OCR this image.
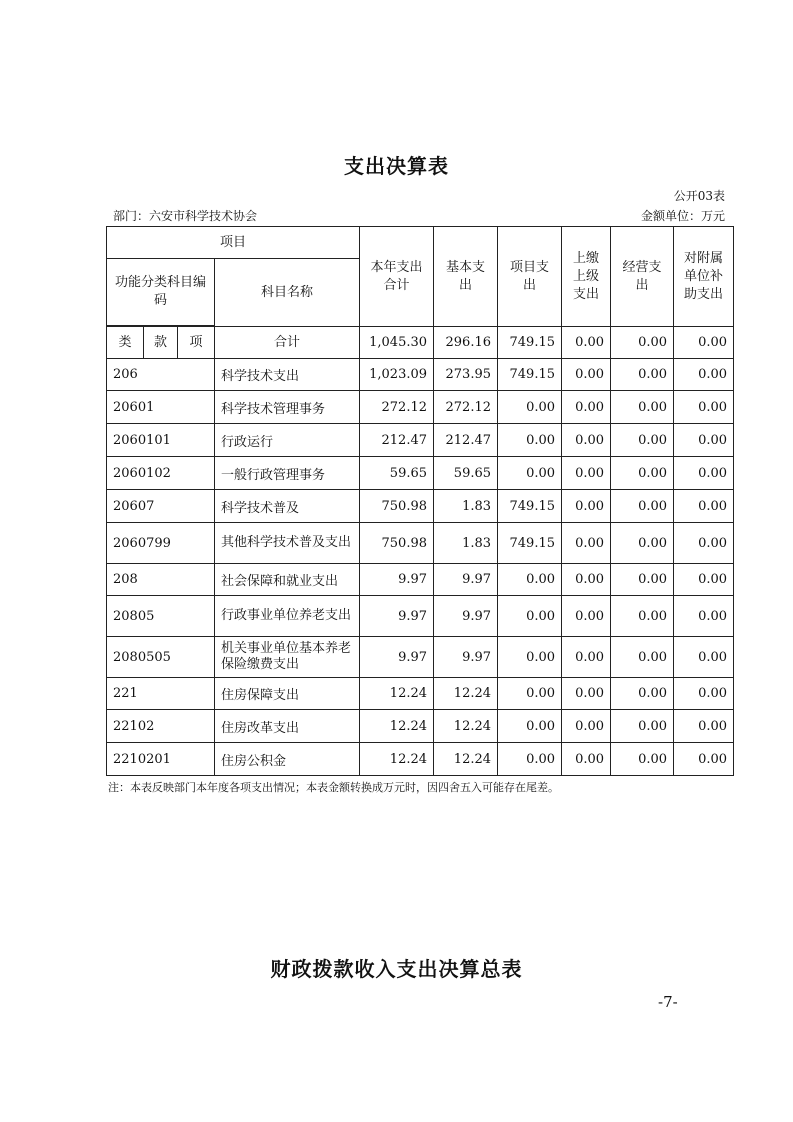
支出决算表
公开03表
部门：六安市科学技术协会	金额单位：万元
项目				本年支出合计	基本支出	项目支出	上缴上级支出	经营支出	对附属单位补助支出
功能分类科目编码			科目名称						

类	款	项	合计	1,045.30	296.16	749.15	0.00	0.00	0.00
206			科学技术支出	1,023.09	273.95	749.15	0.00	0.00	0.00
20601			科学技术管理事务	272.12	272.12	0.00	0.00	0.00	0.00
2060101			行政运行	212.47	212.47	0.00	0.00	0.00	0.00
2060102			一般行政管理事务	59.65	59.65	0.00	0.00	0.00	0.00
20607			科学技术普及	750.98	1.83	749.15	0.00	0.00	0.00
2060799			其他科学技术普及支出	750.98	1.83	749.15	0.00	0.00	0.00
208			社会保障和就业支出	9.97	9.97	0.00	0.00	0.00	0.00
20805			行政事业单位养老支出	9.97	9.97	0.00	0.00	0.00	0.00
2080505			机关事业单位基本养老保险缴费支出	9.97	9.97	0.00	0.00	0.00	0.00
221			住房保障支出	12.24	12.24	0.00	0.00	0.00	0.00
22102			住房改革支出	12.24	12.24	0.00	0.00	0.00	0.00
2210201			住房公积金	12.24	12.24	0.00	0.00	0.00	0.00
注：本表反映部门本年度各项支出情况；本表金额转换成万元时，因四舍五入可能存在尾差。
财政拨款收入支出决算总表
-7-
